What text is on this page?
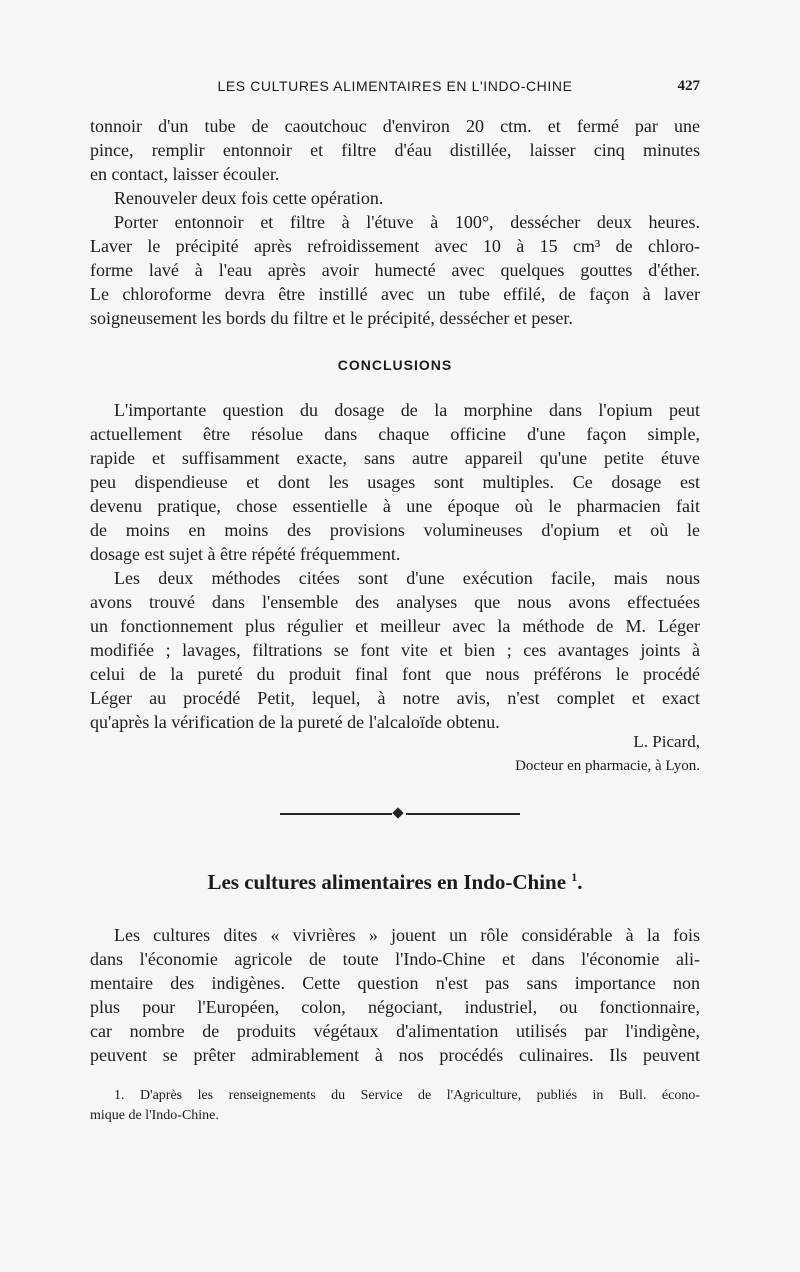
LES CULTURES ALIMENTAIRES EN L'INDO-CHINE	427
tonnoir d'un tube de caoutchouc d'environ 20 ctm. et fermé par une
pince, remplir entonnoir et filtre d'éau distillée, laisser cinq minutes
en contact, laisser écouler.
Renouveler deux fois cette opération.
Porter entonnoir et filtre à l'étuve à 100°, dessécher deux heures.
Laver le précipité après refroidissement avec 10 à 15 cm³ de chloro-
forme lavé à l'eau après avoir humecté avec quelques gouttes d'éther.
Le chloroforme devra être instillé avec un tube effilé, de façon à laver
soigneusement les bords du filtre et le précipité, dessécher et peser.
CONCLUSIONS
L'importante question du dosage de la morphine dans l'opium peut
actuellement être résolue dans chaque officine d'une façon simple,
rapide et suffisamment exacte, sans autre appareil qu'une petite étuve
peu dispendieuse et dont les usages sont multiples. Ce dosage est
devenu pratique, chose essentielle à une époque où le pharmacien fait
de moins en moins des provisions volumineuses d'opium et où le
dosage est sujet à être répété fréquemment.
Les deux méthodes citées sont d'une exécution facile, mais nous
avons trouvé dans l'ensemble des analyses que nous avons effectuées
un fonctionnement plus régulier et meilleur avec la méthode de M. Léger
modifiée ; lavages, filtrations se font vite et bien ; ces avantages joints à
celui de la pureté du produit final font que nous préférons le procédé
Léger au procédé Petit, lequel, à notre avis, n'est complet et exact
qu'après la vérification de la pureté de l'alcaloïde obtenu.
L. Picard,
Docteur en pharmacie, à Lyon.
Les cultures alimentaires en Indo-Chine $^1$.
Les cultures dites « vivrières » jouent un rôle considérable à la fois
dans l'économie agricole de toute l'Indo-Chine et dans l'économie ali-
mentaire des indigènes. Cette question n'est pas sans importance non
plus pour l'Européen, colon, négociant, industriel, ou fonctionnaire,
car nombre de produits végétaux d'alimentation utilisés par l'indigène,
peuvent se prêter admirablement à nos procédés culinaires. Ils peuvent
1. D'après les renseignements du Service de l'Agriculture, publiés in Bull. écono-
mique de l'Indo-Chine.
